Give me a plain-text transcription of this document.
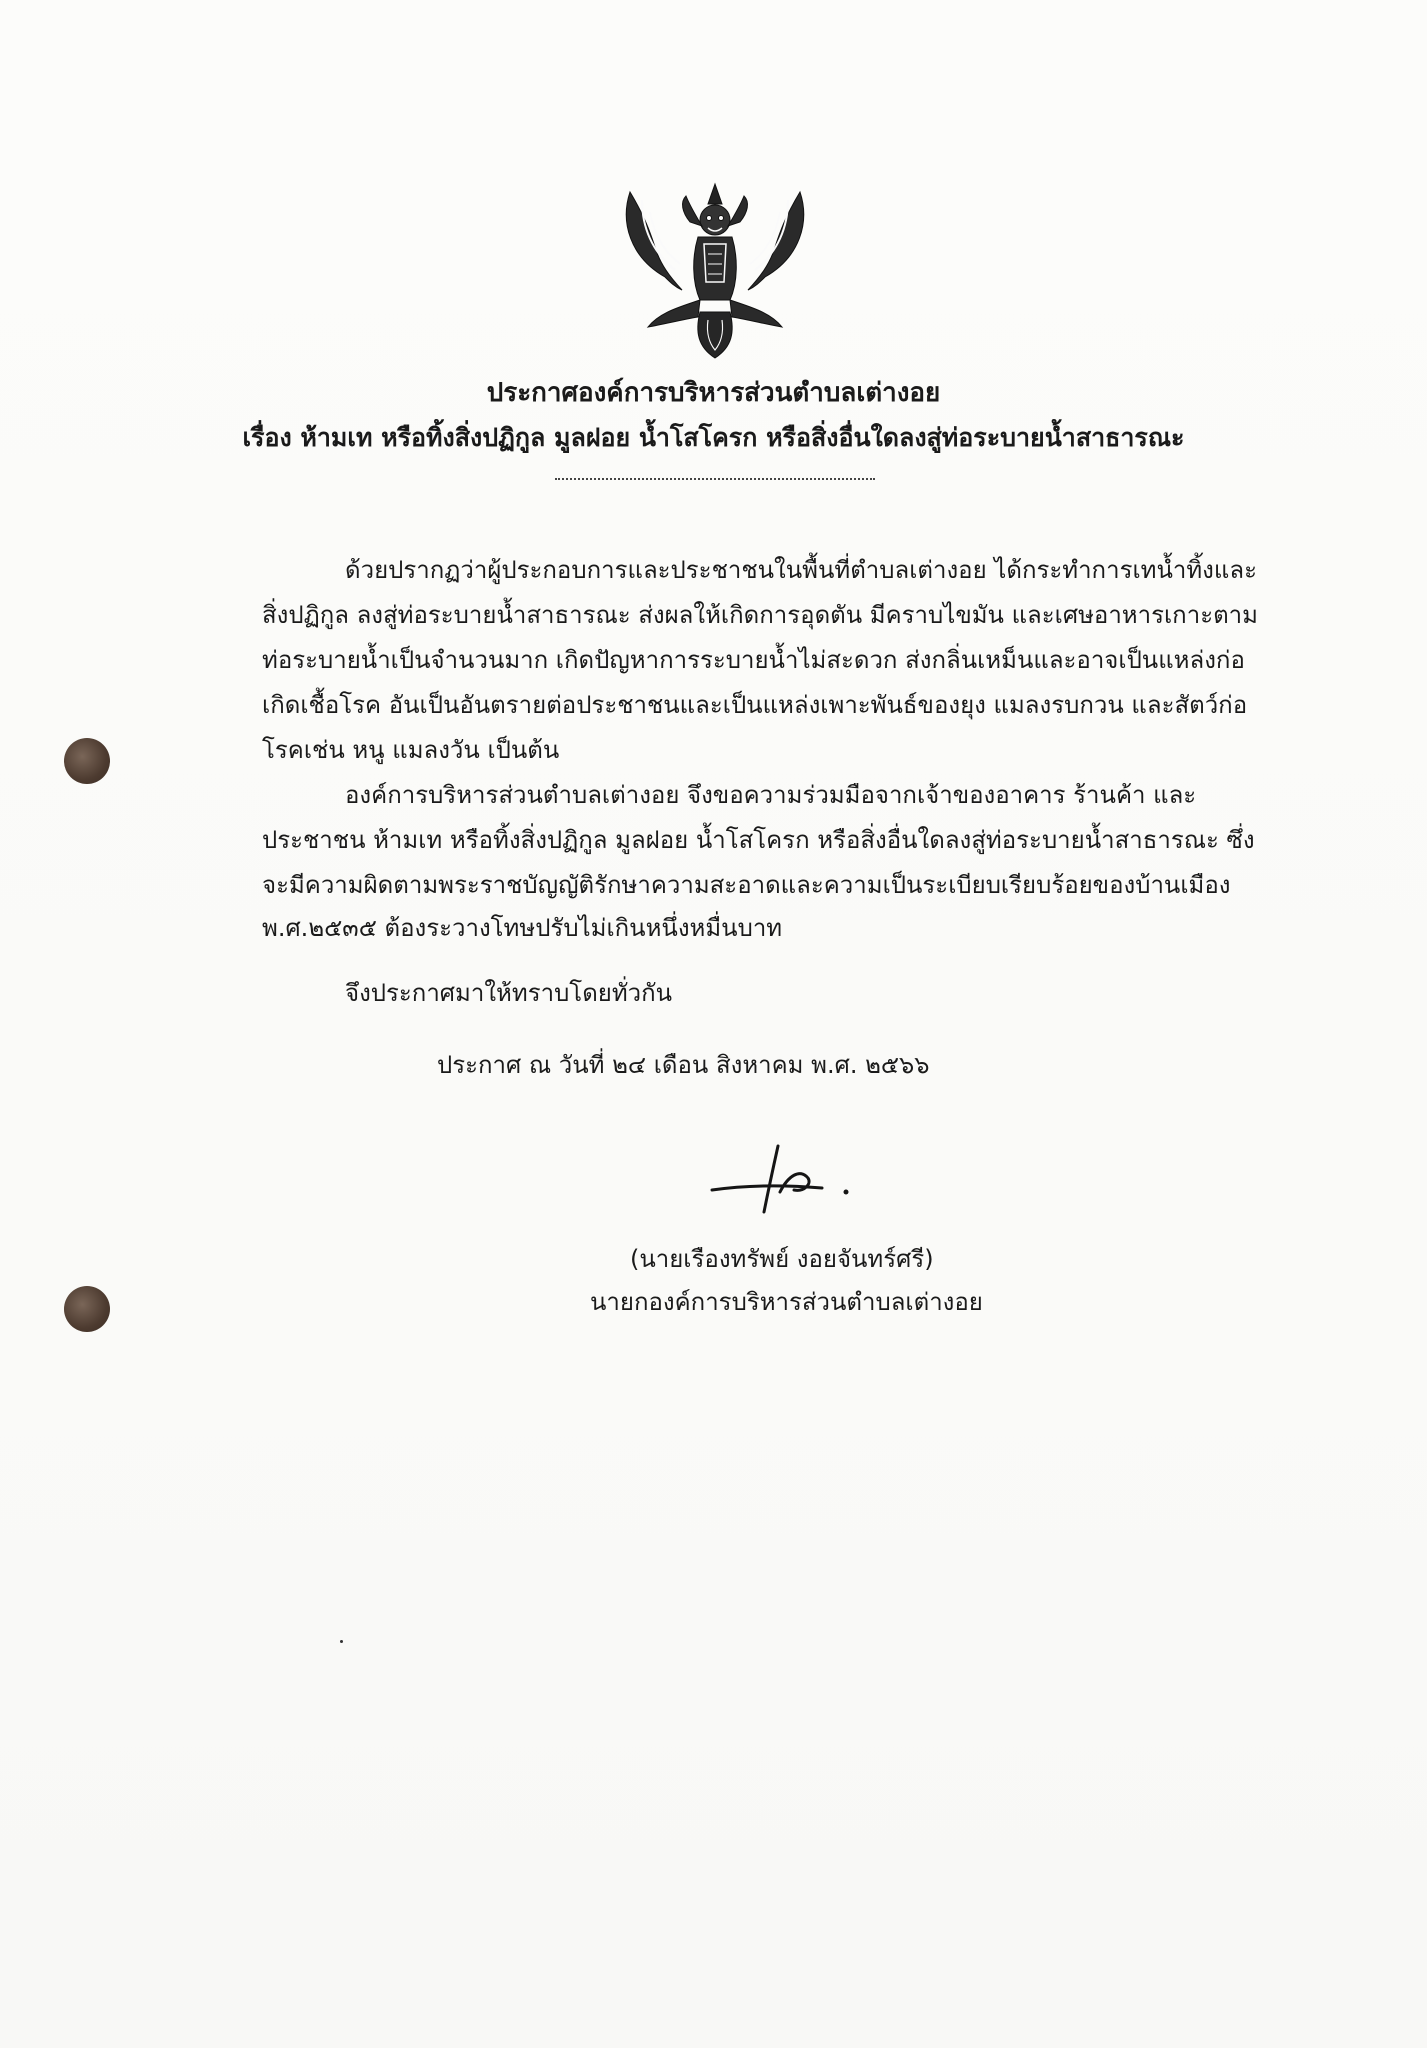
ประกาศองค์การบริหารส่วนตำบลเต่างอย
เรื่อง ห้ามเท หรือทิ้งสิ่งปฏิกูล มูลฝอย น้ำโสโครก หรือสิ่งอื่นใดลงสู่ท่อระบายน้ำสาธารณะ
ด้วยปรากฏว่าผู้ประกอบการและประชาชนในพื้นที่ตำบลเต่างอย ได้กระทำการเทน้ำทิ้งและ
สิ่งปฏิกูล ลงสู่ท่อระบายน้ำสาธารณะ ส่งผลให้เกิดการอุดตัน มีคราบไขมัน และเศษอาหารเกาะตาม
ท่อระบายน้ำเป็นจำนวนมาก เกิดปัญหาการระบายน้ำไม่สะดวก ส่งกลิ่นเหม็นและอาจเป็นแหล่งก่อ
เกิดเชื้อโรค อันเป็นอันตรายต่อประชาชนและเป็นแหล่งเพาะพันธ์ของยุง แมลงรบกวน และสัตว์ก่อ
โรคเช่น หนู แมลงวัน เป็นต้น
องค์การบริหารส่วนตำบลเต่างอย จึงขอความร่วมมือจากเจ้าของอาคาร ร้านค้า และ
ประชาชน ห้ามเท หรือทิ้งสิ่งปฏิกูล มูลฝอย น้ำโสโครก หรือสิ่งอื่นใดลงสู่ท่อระบายน้ำสาธารณะ ซึ่ง
จะมีความผิดตามพระราชบัญญัติรักษาความสะอาดและความเป็นระเบียบเรียบร้อยของบ้านเมือง
พ.ศ.๒๕๓๕ ต้องระวางโทษปรับไม่เกินหนึ่งหมื่นบาท
จึงประกาศมาให้ทราบโดยทั่วกัน
ประกาศ ณ วันที่ ๒๔ เดือน สิงหาคม พ.ศ. ๒๕๖๖
(นายเรืองทรัพย์ งอยจันทร์ศรี)
นายกองค์การบริหารส่วนตำบลเต่างอย
